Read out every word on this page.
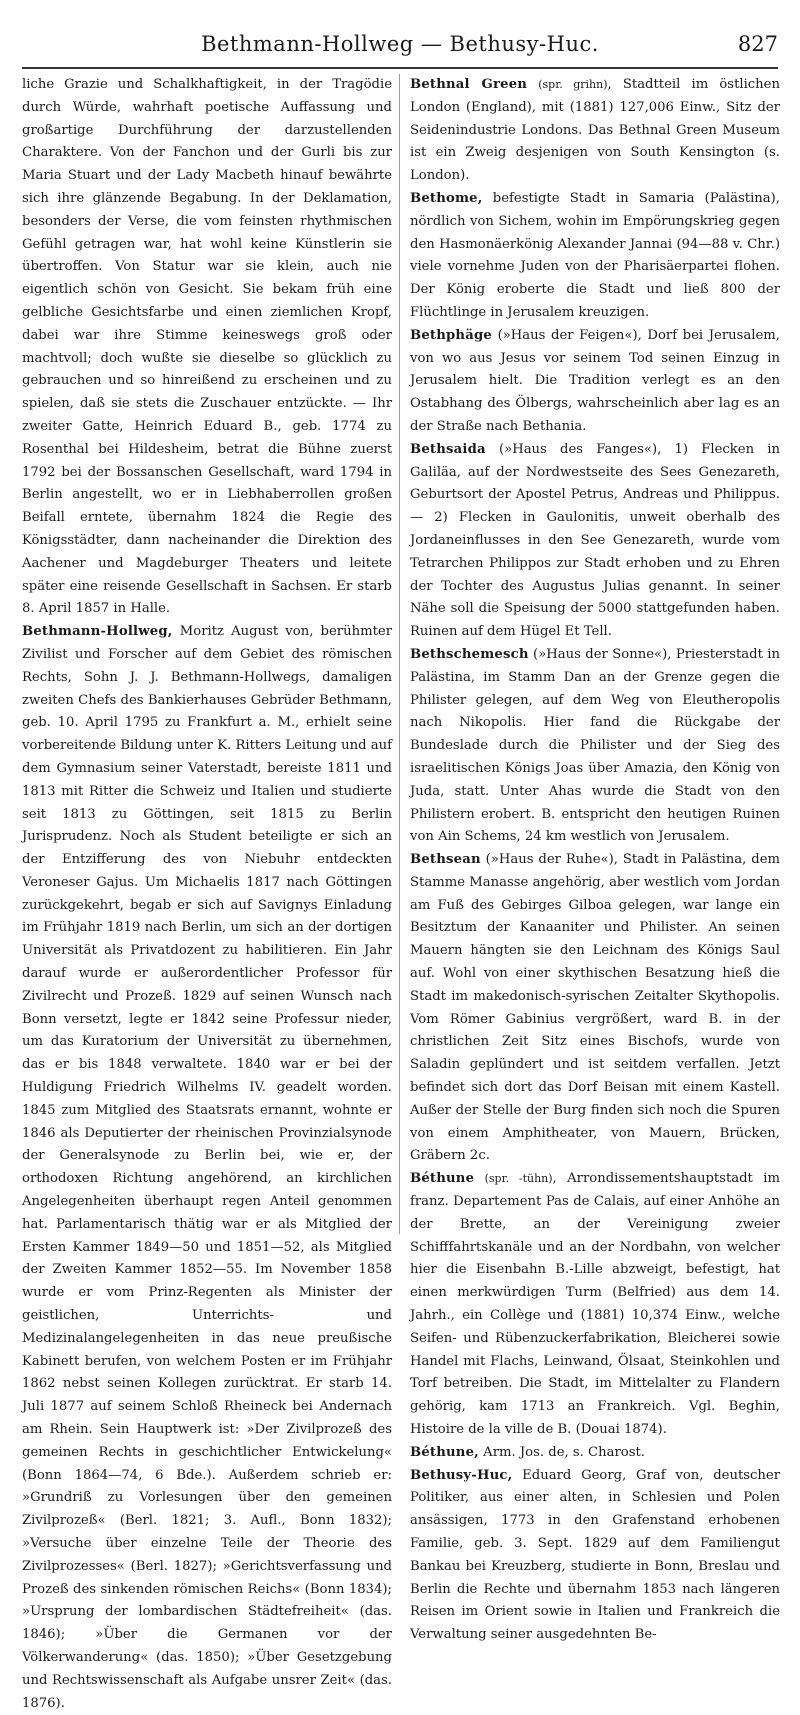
Bethmann-Hollweg — Bethusy-Huc.	827

liche Grazie und Schalkhaftigkeit, in der Tragödie durch Würde, wahrhaft poetische Auffassung und großartige Durchführung der darzustellenden Charaktere. Von der Fanchon und der Gurli bis zur Maria Stuart und der Lady Macbeth hinauf bewährte sich ihre glänzende Begabung. In der Deklamation, besonders der Verse, die vom feinsten rhythmischen Gefühl getragen war, hat wohl keine Künstlerin sie übertroffen. Von Statur war sie klein, auch nie eigentlich schön von Gesicht. Sie bekam früh eine gelbliche Gesichtsfarbe und einen ziemlichen Kropf, dabei war ihre Stimme keineswegs groß oder machtvoll; doch wußte sie dieselbe so glücklich zu gebrauchen und so hinreißend zu erscheinen und zu spielen, daß sie stets die Zuschauer entzückte. — Ihr zweiter Gatte, Heinrich Eduard B., geb. 1774 zu Rosenthal bei Hildesheim, betrat die Bühne zuerst 1792 bei der Bossanschen Gesellschaft, ward 1794 in Berlin angestellt, wo er in Liebhaberrollen großen Beifall erntete, übernahm 1824 die Regie des Königsstädter, dann nacheinander die Direktion des Aachener und Magdeburger Theaters und leitete später eine reisende Gesellschaft in Sachsen. Er starb 8. April 1857 in Halle.

Bethmann-Hollweg, Moritz August von, berühmter Zivilist und Forscher auf dem Gebiet des römischen Rechts, Sohn J. J. Bethmann-Hollwegs, damaligen zweiten Chefs des Bankierhauses Gebrüder Bethmann, geb. 10. April 1795 zu Frankfurt a. M., erhielt seine vorbereitende Bildung unter K. Ritters Leitung und auf dem Gymnasium seiner Vaterstadt, bereiste 1811 und 1813 mit Ritter die Schweiz und Italien und studierte seit 1813 zu Göttingen, seit 1815 zu Berlin Jurisprudenz. Noch als Student beteiligte er sich an der Entzifferung des von Niebuhr entdeckten Veroneser Gajus. Um Michaelis 1817 nach Göttingen zurückgekehrt, begab er sich auf Savignys Einladung im Frühjahr 1819 nach Berlin, um sich an der dortigen Universität als Privatdozent zu habilitieren. Ein Jahr darauf wurde er außerordentlicher Professor für Zivilrecht und Prozeß. 1829 auf seinen Wunsch nach Bonn versetzt, legte er 1842 seine Professur nieder, um das Kuratorium der Universität zu übernehmen, das er bis 1848 verwaltete. 1840 war er bei der Huldigung Friedrich Wilhelms IV. geadelt worden. 1845 zum Mitglied des Staatsrats ernannt, wohnte er 1846 als Deputierter der rheinischen Provinzialsynode der Generalsynode zu Berlin bei, wie er, der orthodoxen Richtung angehörend, an kirchlichen Angelegenheiten überhaupt regen Anteil genommen hat. Parlamentarisch thätig war er als Mitglied der Ersten Kammer 1849—50 und 1851—52, als Mitglied der Zweiten Kammer 1852—55. Im November 1858 wurde er vom Prinz-Regenten als Minister der geistlichen, Unterrichts- und Medizinalangelegenheiten in das neue preußische Kabinett berufen, von welchem Posten er im Frühjahr 1862 nebst seinen Kollegen zurücktrat. Er starb 14. Juli 1877 auf seinem Schloß Rheineck bei Andernach am Rhein. Sein Hauptwerk ist: »Der Zivilprozeß des gemeinen Rechts in geschichtlicher Entwickelung« (Bonn 1864—74, 6 Bde.). Außerdem schrieb er: »Grundriß zu Vorlesungen über den gemeinen Zivilprozeß« (Berl. 1821; 3. Aufl., Bonn 1832); »Versuche über einzelne Teile der Theorie des Zivilprozesses« (Berl. 1827); »Gerichtsverfassung und Prozeß des sinkenden römischen Reichs« (Bonn 1834); »Ursprung der lombardischen Städtefreiheit« (das. 1846); »Über die Germanen vor der Völkerwanderung« (das. 1850); »Über Gesetzgebung und Rechtswissenschaft als Aufgabe unsrer Zeit« (das. 1876).

Bethnal Green (spr. grihn), Stadtteil im östlichen London (England), mit (1881) 127,006 Einw., Sitz der Seidenindustrie Londons. Das Bethnal Green Museum ist ein Zweig desjenigen von South Kensington (s. London).

Bethome, befestigte Stadt in Samaria (Palästina), nördlich von Sichem, wohin im Empörungskrieg gegen den Hasmonäerkönig Alexander Jannai (94—88 v. Chr.) viele vornehme Juden von der Pharisäerpartei flohen. Der König eroberte die Stadt und ließ 800 der Flüchtlinge in Jerusalem kreuzigen.

Bethphäge (»Haus der Feigen«), Dorf bei Jerusalem, von wo aus Jesus vor seinem Tod seinen Einzug in Jerusalem hielt. Die Tradition verlegt es an den Ostabhang des Ölbergs, wahrscheinlich aber lag es an der Straße nach Bethania.

Bethsaida (»Haus des Fanges«), 1) Flecken in Galiläa, auf der Nordwestseite des Sees Genezareth, Geburtsort der Apostel Petrus, Andreas und Philippus. — 2) Flecken in Gaulonitis, unweit oberhalb des Jordaneinflusses in den See Genezareth, wurde vom Tetrarchen Philippos zur Stadt erhoben und zu Ehren der Tochter des Augustus Julias genannt. In seiner Nähe soll die Speisung der 5000 stattgefunden haben. Ruinen auf dem Hügel Et Tell.

Bethschemesch (»Haus der Sonne«), Priesterstadt in Palästina, im Stamm Dan an der Grenze gegen die Philister gelegen, auf dem Weg von Eleutheropolis nach Nikopolis. Hier fand die Rückgabe der Bundeslade durch die Philister und der Sieg des israelitischen Königs Joas über Amazia, den König von Juda, statt. Unter Ahas wurde die Stadt von den Philistern erobert. B. entspricht den heutigen Ruinen von Ain Schems, 24 km westlich von Jerusalem.

Bethsean (»Haus der Ruhe«), Stadt in Palästina, dem Stamme Manasse angehörig, aber westlich vom Jordan am Fuß des Gebirges Gilboa gelegen, war lange ein Besitztum der Kanaaniter und Philister. An seinen Mauern hängten sie den Leichnam des Königs Saul auf. Wohl von einer skythischen Besatzung hieß die Stadt im makedonisch-syrischen Zeitalter Skythopolis. Vom Römer Gabinius vergrößert, ward B. in der christlichen Zeit Sitz eines Bischofs, wurde von Saladin geplündert und ist seitdem verfallen. Jetzt befindet sich dort das Dorf Beisan mit einem Kastell. Außer der Stelle der Burg finden sich noch die Spuren von einem Amphitheater, von Mauern, Brücken, Gräbern 2c.

Béthune (spr. -tühn), Arrondissementshauptstadt im franz. Departement Pas de Calais, auf einer Anhöhe an der Brette, an der Vereinigung zweier Schifffahrtskanäle und an der Nordbahn, von welcher hier die Eisenbahn B.-Lille abzweigt, befestigt, hat einen merkwürdigen Turm (Belfried) aus dem 14. Jahrh., ein Collège und (1881) 10,374 Einw., welche Seifen- und Rübenzuckerfabrikation, Bleicherei sowie Handel mit Flachs, Leinwand, Ölsaat, Steinkohlen und Torf betreiben. Die Stadt, im Mittelalter zu Flandern gehörig, kam 1713 an Frankreich. Vgl. Beghin, Histoire de la ville de B. (Douai 1874).

Béthune, Arm. Jos. de, s. Charost.

Bethusy-Huc, Eduard Georg, Graf von, deutscher Politiker, aus einer alten, in Schlesien und Polen ansässigen, 1773 in den Grafenstand erhobenen Familie, geb. 3. Sept. 1829 auf dem Familiengut Bankau bei Kreuzberg, studierte in Bonn, Breslau und Berlin die Rechte und übernahm 1853 nach längeren Reisen im Orient sowie in Italien und Frankreich die Verwaltung seiner ausgedehnten Be-
